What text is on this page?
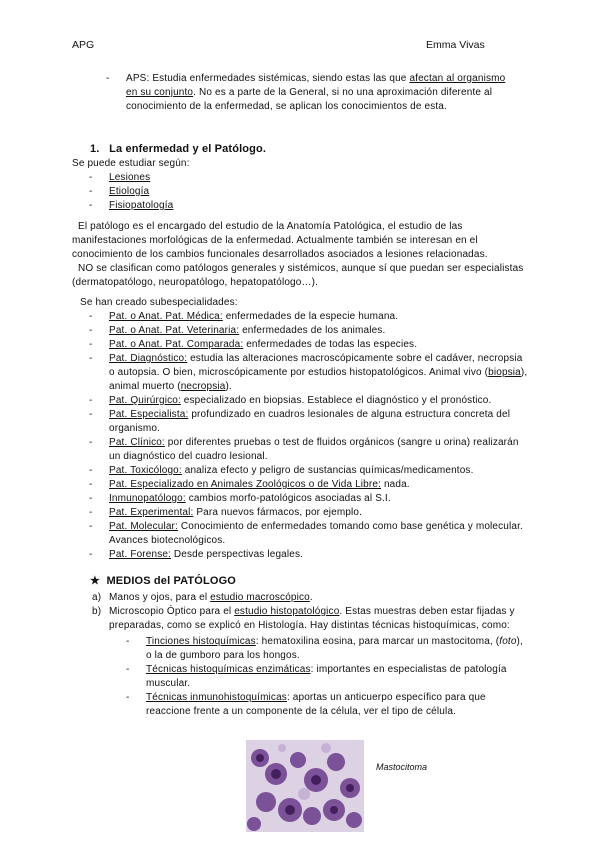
APG	Emma Vivas
- APS: Estudia enfermedades sistémicas, siendo estas las que afectan al organismo en su conjunto. No es a parte de la General, si no una aproximación diferente al conocimiento de la enfermedad, se aplican los conocimientos de esta.
1. La enfermedad y el Patólogo.
Se puede estudiar según:
- Lesiones
- Etiología
- Fisiopatología
El patólogo es el encargado del estudio de la Anatomía Patológica, el estudio de las manifestaciones morfológicas de la enfermedad. Actualmente también se interesan en el conocimiento de los cambios funcionales desarrollados asociados a lesiones relacionadas.
NO se clasifican como patólogos generales y sistémicos, aunque sí que puedan ser especialistas (dermatopatólogo, neuropatólogo, hepatopatólogo…).
Se han creado subespecialidades:
- Pat. o Anat. Pat. Médica: enfermedades de la especie humana.
- Pat. o Anat. Pat. Veterinaria: enfermedades de los animales.
- Pat. o Anat. Pat. Comparada: enfermedades de todas las especies.
- Pat. Diagnóstico: estudia las alteraciones macroscópicamente sobre el cadáver, necropsia o autopsia. O bien, microscópicamente por estudios histopatológicos. Animal vivo (biopsia), animal muerto (necropsia).
- Pat. Quirúrgico: especializado en biopsias. Establece el diagnóstico y el pronóstico.
- Pat. Especialista: profundizado en cuadros lesionales de alguna estructura concreta del organismo.
- Pat. Clínico: por diferentes pruebas o test de fluidos orgánicos (sangre u orina) realizarán un diagnóstico del cuadro lesional.
- Pat. Toxicólogo: analiza efecto y peligro de sustancias químicas/medicamentos.
- Pat. Especializado en Animales Zoológicos o de Vida Libre: nada.
- Inmunopatólogo: cambios morfo-patológicos asociadas al S.I.
- Pat. Experimental: Para nuevos fármacos, por ejemplo.
- Pat. Molecular: Conocimiento de enfermedades tomando como base genética y molecular. Avances biotecnológicos.
- Pat. Forense: Desde perspectivas legales.
★ MEDIOS del PATÓLOGO
a) Manos y ojos, para el estudio macroscópico.
b) Microscopio Óptico para el estudio histopatológico. Estas muestras deben estar fijadas y preparadas, como se explicó en Histología. Hay distintas técnicas histoquímicas, como:
- Tinciones histoquímicas: hematoxilina eosina, para marcar un mastocitoma, (foto), o la de gumboro para los hongos.
- Técnicas histoquímicas enzimáticas: importantes en especialistas de patología muscular.
- Técnicas inmunohistoquímicas: aportas un anticuerpo específico para que reaccione frente a un componente de la célula, ver el tipo de célula.
Mastocitoma
